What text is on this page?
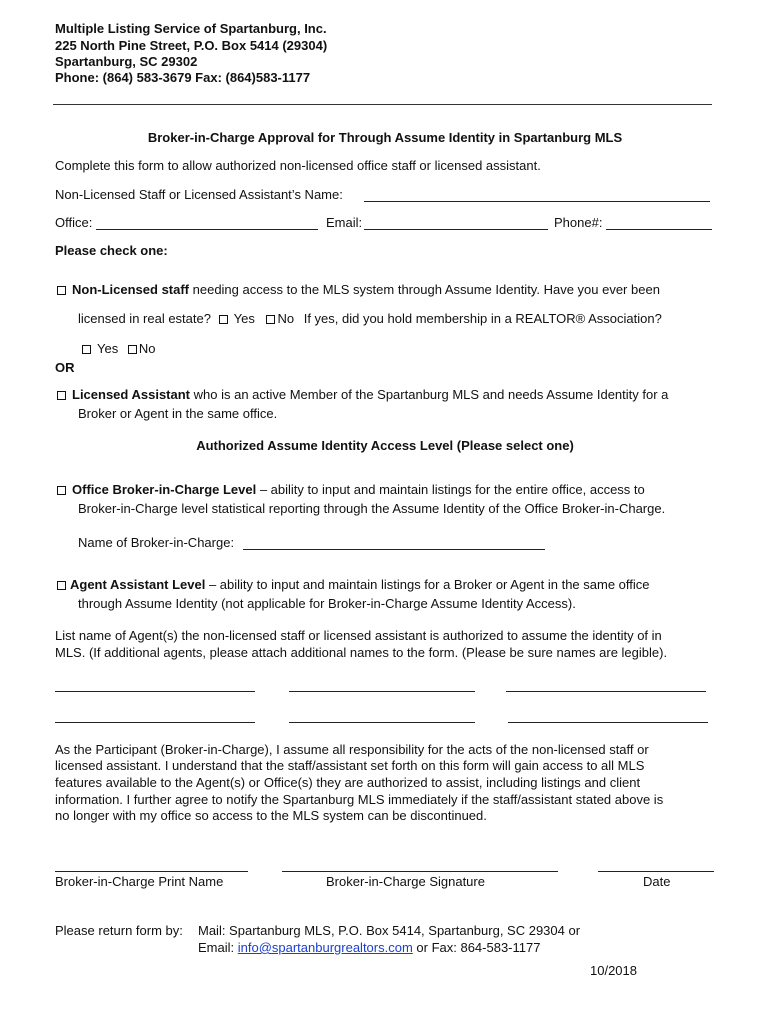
Multiple Listing Service of Spartanburg, Inc.
225 North Pine Street, P.O. Box 5414 (29304)
Spartanburg, SC 29302
Phone: (864) 583-3679 Fax: (864)583-1177
Broker-in-Charge Approval for Through Assume Identity in Spartanburg MLS
Complete this form to allow authorized non-licensed office staff or licensed assistant.
Non-Licensed Staff or Licensed Assistant’s Name:
Office:	Email:	Phone#:
Please check one:
Non-Licensed staff needing access to the MLS system through Assume Identity. Have you ever been
licensed in real estate? Yes No If yes, did you hold membership in a REALTOR® Association?
Yes No
OR
Licensed Assistant who is an active Member of the Spartanburg MLS and needs Assume Identity for a
Broker or Agent in the same office.
Authorized Assume Identity Access Level (Please select one)
Office Broker-in-Charge Level – ability to input and maintain listings for the entire office, access to
Broker-in-Charge level statistical reporting through the Assume Identity of the Office Broker-in-Charge.
Name of Broker-in-Charge:
Agent Assistant Level – ability to input and maintain listings for a Broker or Agent in the same office
through Assume Identity (not applicable for Broker-in-Charge Assume Identity Access).
List name of Agent(s) the non-licensed staff or licensed assistant is authorized to assume the identity of in
MLS. (If additional agents, please attach additional names to the form. (Please be sure names are legible).
As the Participant (Broker-in-Charge), I assume all responsibility for the acts of the non-licensed staff or
licensed assistant. I understand that the staff/assistant set forth on this form will gain access to all MLS
features available to the Agent(s) or Office(s) they are authorized to assist, including listings and client
information. I further agree to notify the Spartanburg MLS immediately if the staff/assistant stated above is
no longer with my office so access to the MLS system can be discontinued.
Broker-in-Charge Print Name	Broker-in-Charge Signature	Date
Please return form by: Mail: Spartanburg MLS, P.O. Box 5414, Spartanburg, SC 29304 or
Email: info@spartanburgrealtors.com or Fax: 864-583-1177
10/2018
